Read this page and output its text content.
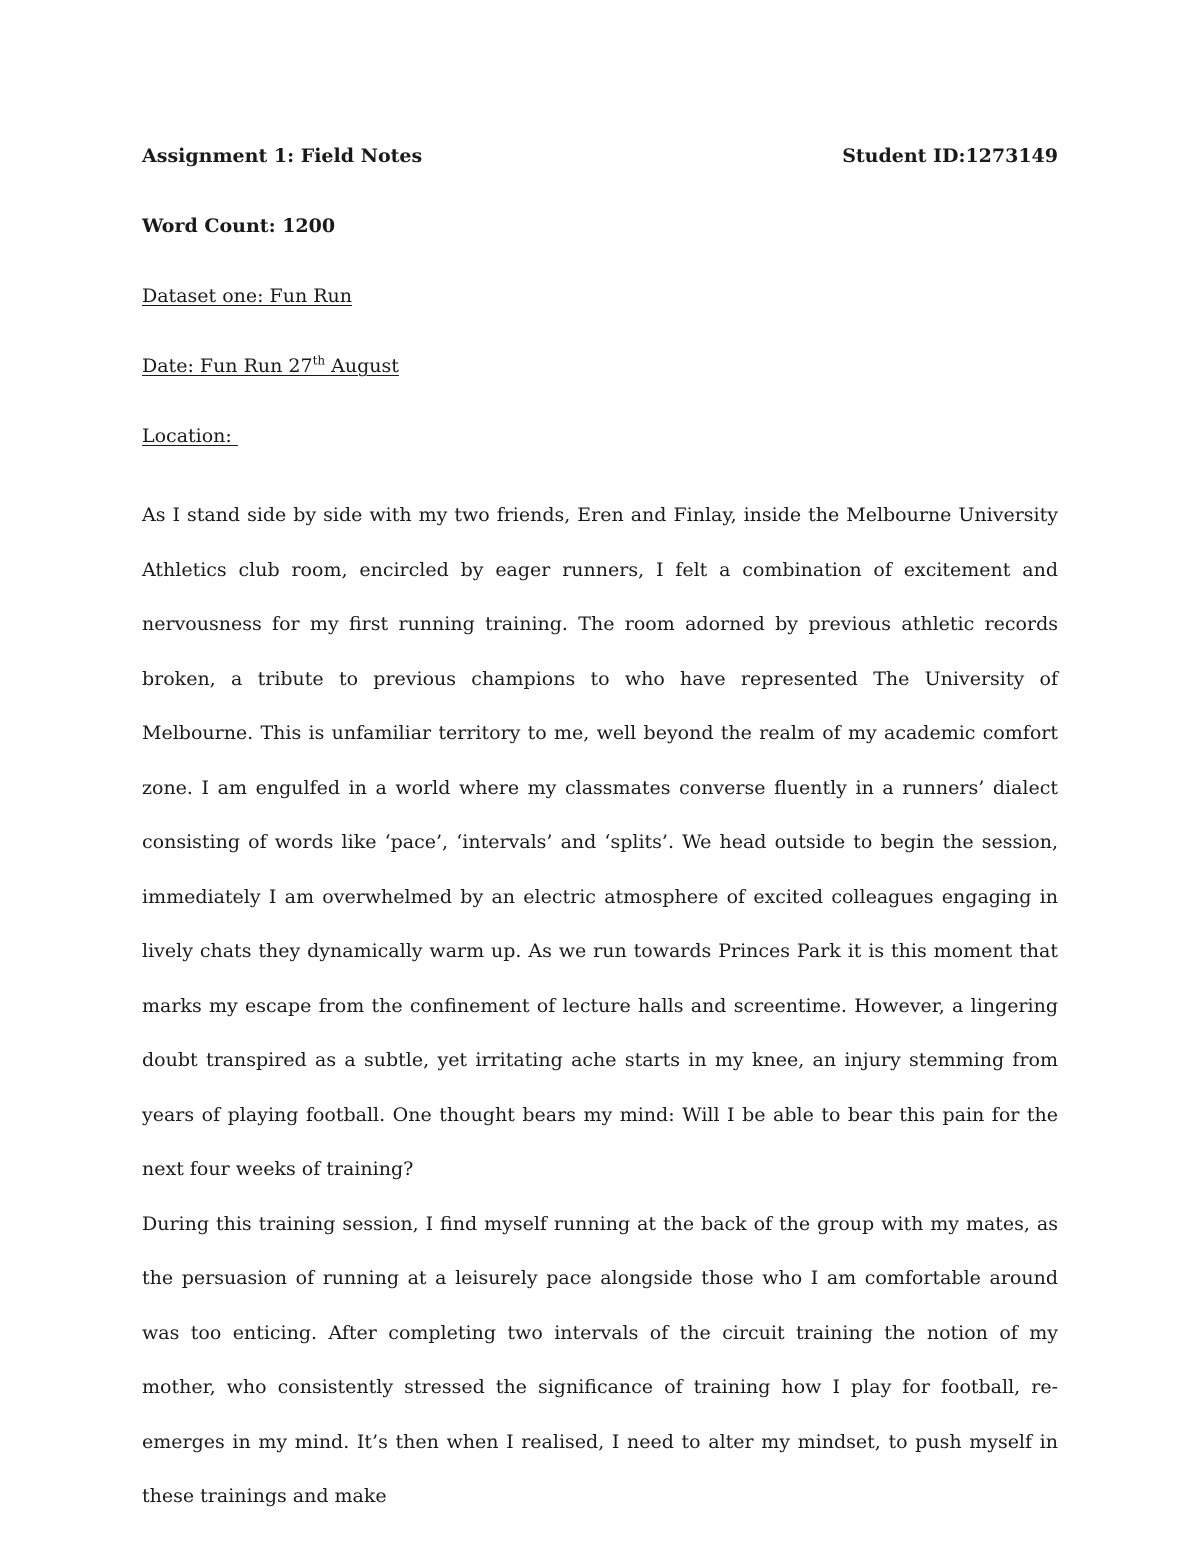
Assignment 1: Field Notes	Student ID:1273149
Word Count: 1200
Dataset one: Fun Run
Date: Fun Run 27th August
Location:

As I stand side by side with my two friends, Eren and Finlay, inside the Melbourne University Athletics club room, encircled by eager runners, I felt a combination of excitement and nervousness for my first running training. The room adorned by previous athletic records broken, a tribute to previous champions to who have represented The University of Melbourne. This is unfamiliar territory to me, well beyond the realm of my academic comfort zone. I am engulfed in a world where my classmates converse fluently in a runners’ dialect consisting of words like ‘pace’, ‘intervals’ and ‘splits’. We head outside to begin the session, immediately I am overwhelmed by an electric atmosphere of excited colleagues engaging in lively chats they dynamically warm up. As we run towards Princes Park it is this moment that marks my escape from the confinement of lecture halls and screentime. However, a lingering doubt transpired as a subtle, yet irritating ache starts in my knee, an injury stemming from years of playing football. One thought bears my mind: Will I be able to bear this pain for the next four weeks of training?

During this training session, I find myself running at the back of the group with my mates, as the persuasion of running at a leisurely pace alongside those who I am comfortable around was too enticing. After completing two intervals of the circuit training the notion of my mother, who consistently stressed the significance of training how I play for football, re-emerges in my mind. It’s then when I realised, I need to alter my mindset, to push myself in these trainings and make
